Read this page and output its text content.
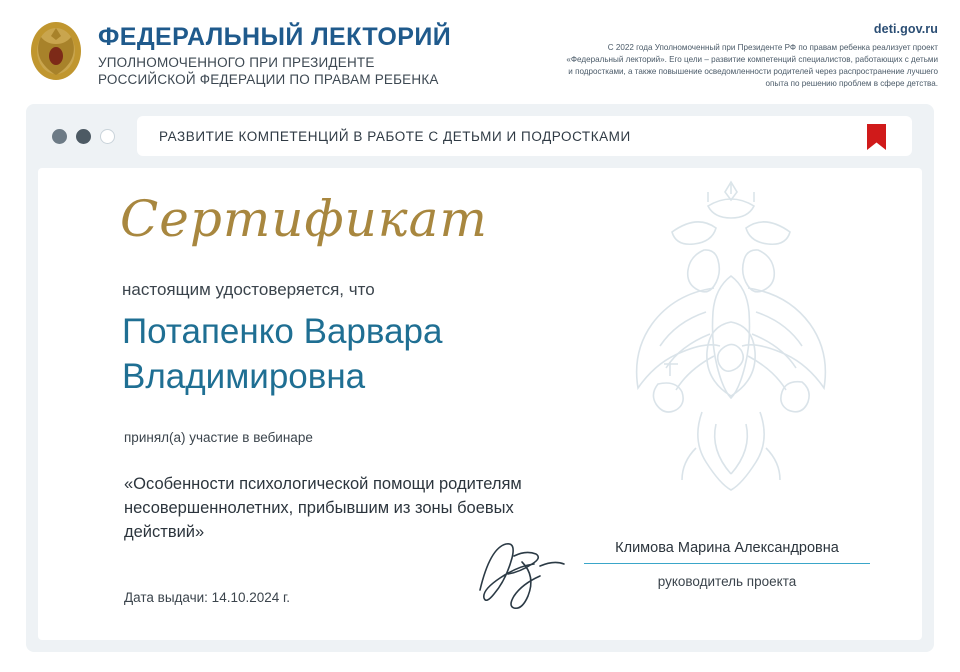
ФЕДЕРАЛЬНЫЙ ЛЕКТОРИЙ
УПОЛНОМОЧЕННОГО ПРИ ПРЕЗИДЕНТЕ
РОССИЙСКОЙ ФЕДЕРАЦИИ ПО ПРАВАМ РЕБЕНКА
deti.gov.ru
С 2022 года Уполномоченный при Президенте РФ по правам ребенка реализует проект «Федеральный лекторий». Его цели – развитие компетенций специалистов, работающих с детьми и подростками, а также повышение осведомленности родителей через распространение лучшего опыта по решению проблем в сфере детства.
РАЗВИТИЕ КОМПЕТЕНЦИЙ В РАБОТЕ С ДЕТЬМИ И ПОДРОСТКАМИ
Сертификат
настоящим удостоверяется, что
Потапенко Варвара Владимировна
принял(а) участие в вебинаре
«Особенности психологической помощи родителям несовершеннолетних, прибывшим из зоны боевых действий»
Дата выдачи: 14.10.2024 г.
Климова Марина Александровна
руководитель проекта
